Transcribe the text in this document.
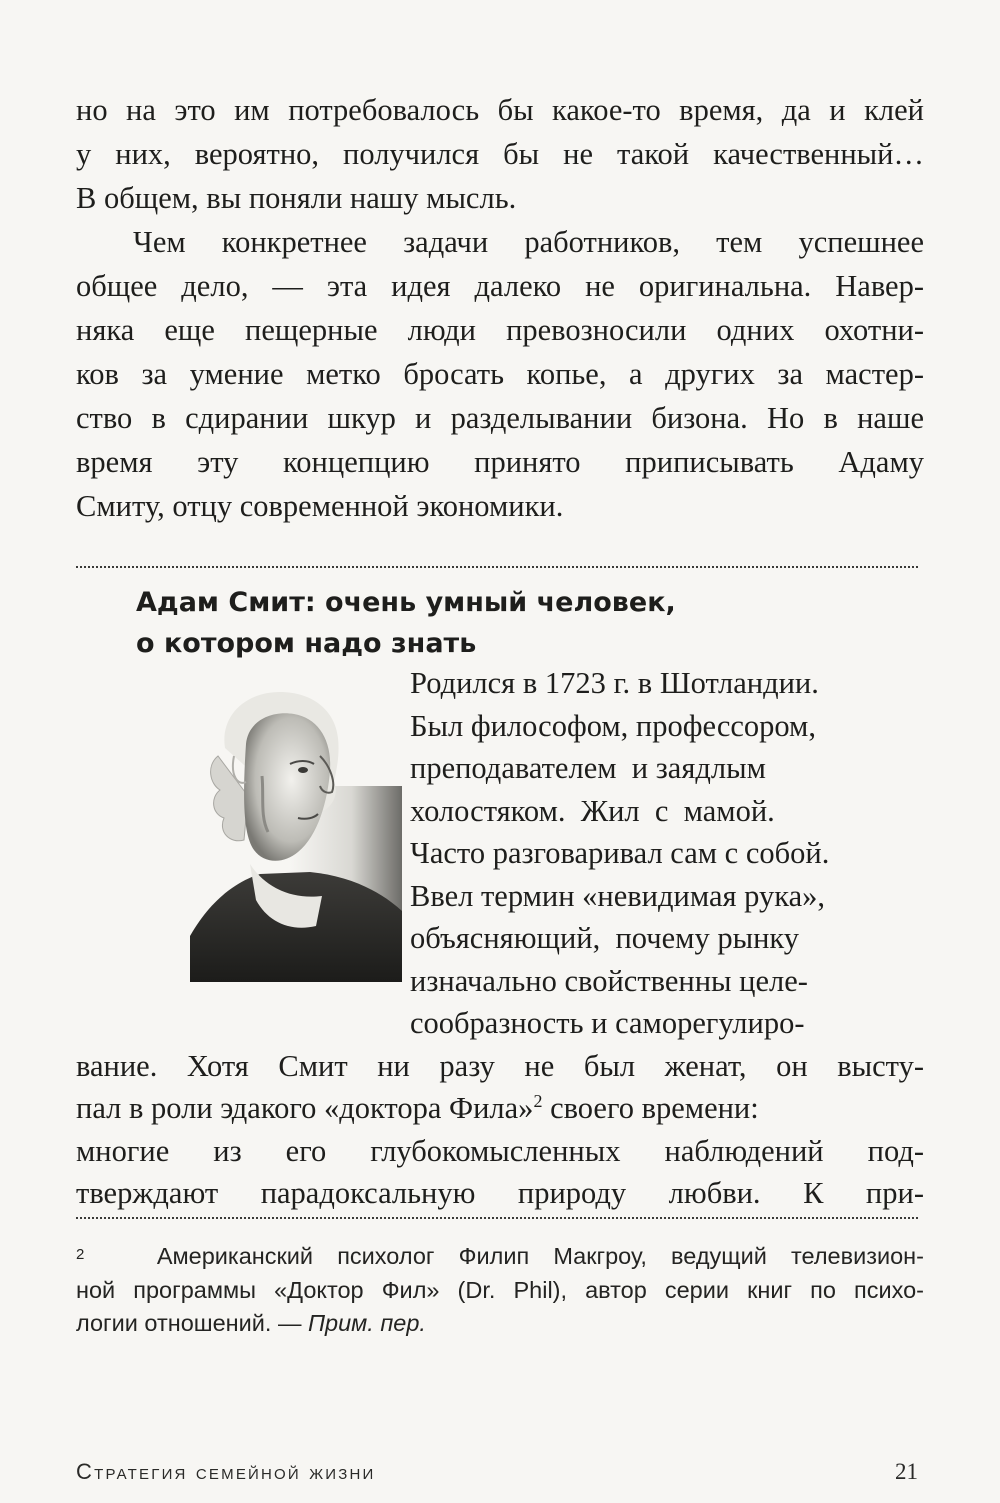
но на это им потребовалось бы какое-то время, да и клей
у них, вероятно, получился бы не такой качественный…
В общем, вы поняли нашу мысль.

Чем конкретнее задачи работников, тем успешнее
общее дело, — эта идея далеко не оригинальна. Навер-
няка еще пещерные люди превозносили одних охотни-
ков за умение метко бросать копье, а других за мастер-
ство в сдирании шкур и разделывании бизона. Но в наше
время эту концепцию принято приписывать Адаму
Смиту, отцу современной экономики.

Адам Смит: очень умный человек,
о котором надо знать
Родился в 1723 г. в Шотландии.
Был философом, профессором,
преподавателем  и заядлым
холостяком.  Жил  с  мамой.
Часто разговаривал сам с собой.
Ввел термин «невидимая рука»,
объясняющий,  почему рынку
изначально свойственны целе-
сообразность и саморегулиро-
вание. Хотя Смит ни разу не был женат, он высту-
пал в роли эдакого «доктора Фила»$^2$ своего времени:
многие из его глубокомысленных наблюдений под-
тверждают парадоксальную природу любви. К при-
$^2$	Американский психолог Филип Макгроу, ведущий телевизион-
ной программы «Доктор Фил» (Dr. Phil), автор серии книг по психо-
логии отношений. — Прим. пер.
Стратегия семейной жизни	21
